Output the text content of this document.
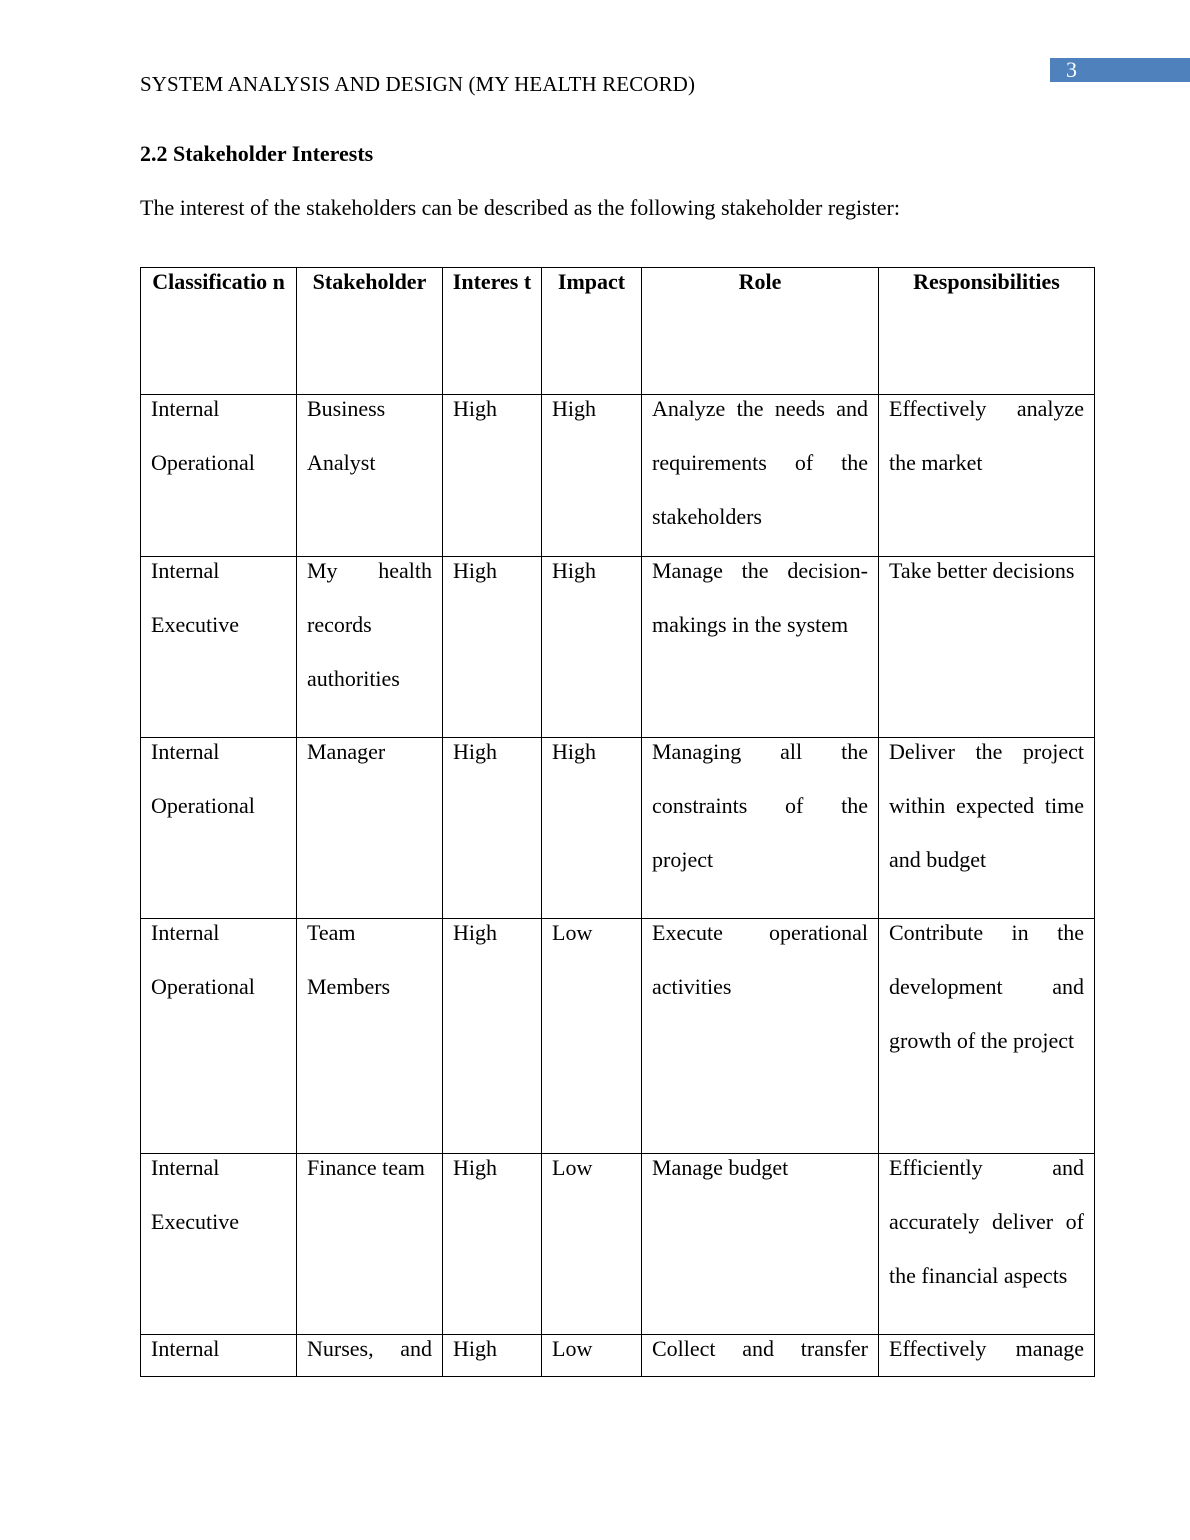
3
SYSTEM ANALYSIS AND DESIGN (MY HEALTH RECORD)
2.2 Stakeholder Interests
The interest of the stakeholders can be described as the following stakeholder register:
Classificatio n	Stakeholder	Interes t	Impact	Role	Responsibilities

Internal Operational	Business Analyst	High	High	Analyze the needs and requirements of the stakeholders	Effectively analyze the market

Internal Executive	My health records authorities	High	High	Manage the decision-makings in the system	Take better decisions

Internal Operational	Manager	High	High	Managing all the constraints of the project	Deliver the project within expected time and budget

Internal Operational	Team Members	High	Low	Execute operational activities	Contribute in the development and growth of the project

Internal Executive	Finance team	High	Low	Manage budget	Efficiently and accurately deliver of the financial aspects

Internal	Nurses, and	High	Low	Collect and transfer	Effectively manage
